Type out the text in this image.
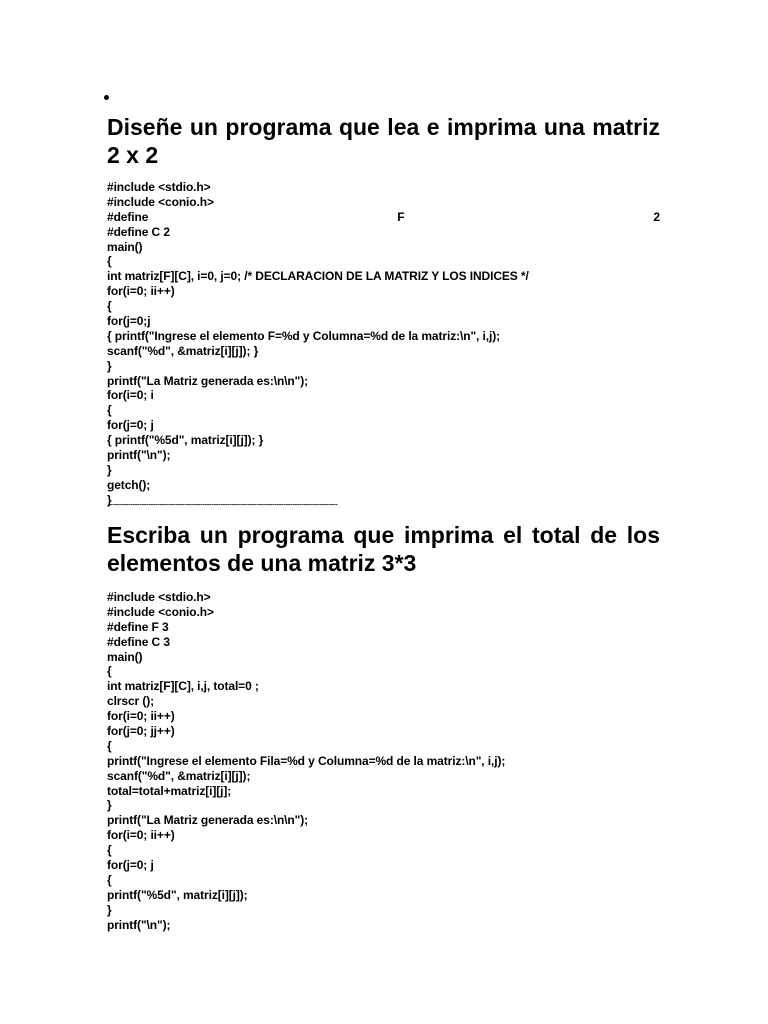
Diseñe un programa que lea e imprima una matriz 2 x 2
#include <stdio.h>
#include <conio.h>
#define	F	2
#define C 2
main()
{
int matriz[F][C], i=0, j=0; /* DECLARACION DE LA MATRIZ Y LOS INDICES */
for(i=0; ii++)
{
for(j=0;j
{ printf("Ingrese el elemento F=%d y Columna=%d de la matriz:\n", i,j);
scanf("%d", &matriz[i][j]); }
}
printf("La Matriz generada es:\n\n");
for(i=0; i
{
for(j=0; j
{ printf("%5d", matriz[i][j]); }
printf("\n");
}
getch();
}
******************************************************************************************************
Escriba un programa que imprima el total de los elementos de una matriz 3*3
#include <stdio.h>
#include <conio.h>
#define F 3
#define C 3
main()
{
int matriz[F][C], i,j, total=0 ;
clrscr ();
for(i=0; ii++)
for(j=0; jj++)
{
printf("Ingrese el elemento Fila=%d y Columna=%d de la matriz:\n", i,j);
scanf("%d", &matriz[i][j]);
total=total+matriz[i][j];
}
printf("La Matriz generada es:\n\n");
for(i=0; ii++)
{
for(j=0; j
{
printf("%5d", matriz[i][j]);
}
printf("\n");
